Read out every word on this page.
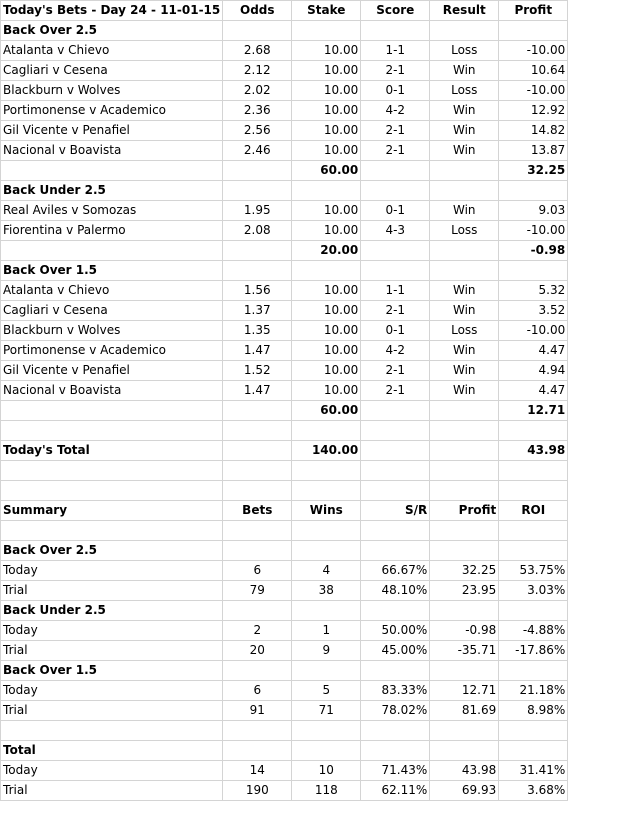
Today's Bets - Day 24 - 11-01-15	Odds	Stake	Score	Result	Profit
Back Over 2.5					
Atalanta v Chievo	2.68	10.00	1-1	Loss	-10.00
Cagliari v Cesena	2.12	10.00	2-1	Win	10.64
Blackburn v Wolves	2.02	10.00	0-1	Loss	-10.00
Portimonense v Academico	2.36	10.00	4-2	Win	12.92
Gil Vicente v Penafiel	2.56	10.00	2-1	Win	14.82
Nacional v Boavista	2.46	10.00	2-1	Win	13.87
		60.00			32.25
Back Under 2.5					
Real Aviles v Somozas	1.95	10.00	0-1	Win	9.03
Fiorentina v Palermo	2.08	10.00	4-3	Loss	-10.00
		20.00			-0.98
Back Over 1.5					
Atalanta v Chievo	1.56	10.00	1-1	Win	5.32
Cagliari v Cesena	1.37	10.00	2-1	Win	3.52
Blackburn v Wolves	1.35	10.00	0-1	Loss	-10.00
Portimonense v Academico	1.47	10.00	4-2	Win	4.47
Gil Vicente v Penafiel	1.52	10.00	2-1	Win	4.94
Nacional v Boavista	1.47	10.00	2-1	Win	4.47
		60.00			12.71

Today's Total		140.00			43.98

Summary	Bets	Wins	S/R	Profit	ROI

Back Over 2.5					
Today	6	4	66.67%	32.25	53.75%
Trial	79	38	48.10%	23.95	3.03%
Back Under 2.5					
Today	2	1	50.00%	-0.98	-4.88%
Trial	20	9	45.00%	-35.71	-17.86%
Back Over 1.5					
Today	6	5	83.33%	12.71	21.18%
Trial	91	71	78.02%	81.69	8.98%

Total					
Today	14	10	71.43%	43.98	31.41%
Trial	190	118	62.11%	69.93	3.68%
